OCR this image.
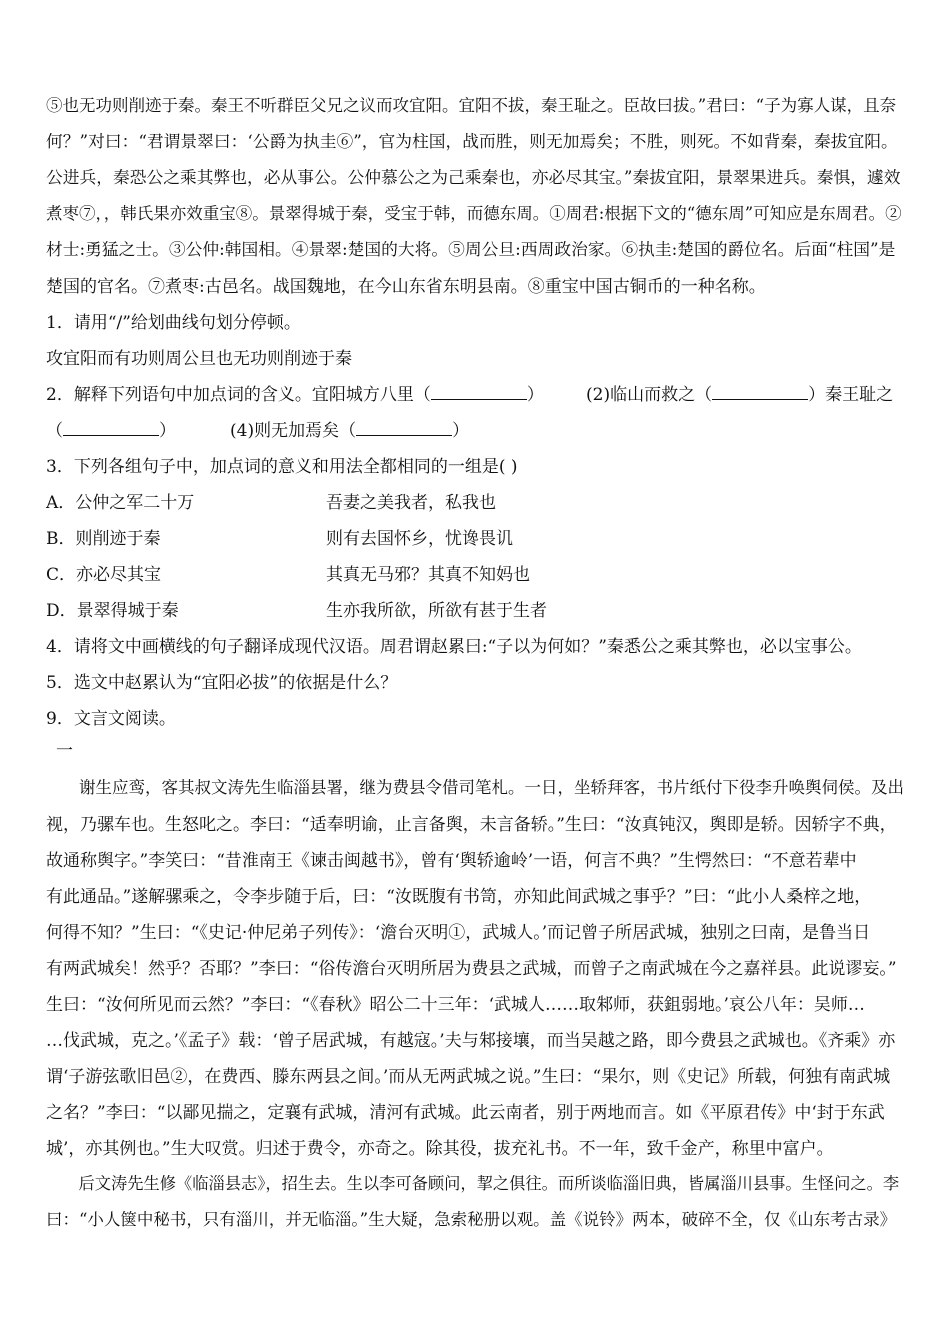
⑤也无功则削迹于秦。秦王不听群臣父兄之议而攻宜阳。宜阳不拔，秦王耻之。臣故曰拔。”君曰：“子为寡人谋，且奈
何？”对曰：“君谓景翠曰：‘公爵为执圭⑥”，官为柱国，战而胜，则无加焉矣；不胜，则死。不如背秦，秦拔宜阳。
公进兵，秦恐公之乘其弊也，必从事公。公仲慕公之为己乘秦也，亦必尽其宝。”秦拔宜阳，景翠果进兵。秦惧，遽效
煮枣⑦，，韩氏果亦效重宝⑧。景翠得城于秦，受宝于韩，而德东周。①周君:根据下文的“德东周”可知应是东周君。②
材士:勇猛之士。③公仲:韩国相。④景翠:楚国的大将。⑤周公旦:西周政治家。⑥执圭:楚国的爵位名。后面“柱国”是
楚国的官名。⑦煮枣:古邑名。战国魏地，在今山东省东明县南。⑧重宝中国古铜币的一种名称。
1．请用“/”给划曲线句划分停顿。
攻宜阳而有功则周公旦也无功则削迹于秦
2．解释下列语句中加点词的含义。宜阳城方八里（	） (2)临山而救之（	）秦王耻之
（	）	(4)则无加焉矣（	）
3．下列各组句子中，加点词的意义和用法全都相同的一组是( )
A．公仲之军二十万	吾妻之美我者，私我也
B．则削迹于秦	则有去国怀乡，忧谗畏讥
C．亦必尽其宝	其真无马邪？其真不知妈也
D．景翠得城于秦	生亦我所欲，所欲有甚于生者
4．请将文中画横线的句子翻译成现代汉语。周君谓赵累曰:“子以为何如？”秦悉公之乘其弊也，必以宝事公。
5．选文中赵累认为“宜阳必拔”的依据是什么？
9．文言文阅读。
一
　　谢生应鸾，客其叔文涛先生临淄县署，继为费县令借司笔札。一日，坐轿拜客，书片纸付下役李升唤舆伺侯。及出
视，乃骡车也。生怒叱之。李曰：“适奉明谕，止言备舆，未言备轿。”生曰：“汝真钝汉，舆即是轿。因轿字不典，
故通称舆字。”李笑曰：“昔淮南王《谏击闽越书》，曾有‘舆轿逾岭’一语，何言不典？”生愕然曰：“不意若辈中
有此通品。”遂解骡乘之，令李步随于后，曰：“汝既腹有书笥，亦知此间武城之事乎？”曰：“此小人桑梓之地，
何得不知？”生曰：“《史记·仲尼弟子列传》：‘澹台灭明①，武城人。’而记曾子所居武城，独别之曰南，是鲁当日
有两武城矣！然乎？否耶？”李曰：“俗传澹台灭明所居为费县之武城，而曾子之南武城在今之嘉祥县。此说谬妄。”
生曰：“汝何所见而云然？”李曰：“《春秋》昭公二十三年：‘武城人……取邾师，获鉏弱地。’哀公八年：吴师…
…伐武城，克之。’《孟子》载：‘曾子居武城，有越寇。’夫与邾接壤，而当吴越之路，即今费县之武城也。《齐乘》亦
谓‘子游弦歌旧邑②，在费西、滕东两县之间。’而从无两武城之说。”生曰：“果尔，则《史记》所载，何独有南武城
之名？”李曰：“以鄙见揣之，定襄有武城，清河有武城。此云南者，别于两地而言。如《平原君传》中‘封于东武
城’，亦其例也。”生大叹赏。归述于费令，亦奇之。除其役，拔充礼书。不一年，致千金产，称里中富户。
　　后文涛先生修《临淄县志》，招生去。生以李可备顾问，挈之俱往。而所谈临淄旧典，皆属淄川县事。生怪问之。李
曰：“小人箧中秘书，只有淄川，并无临淄。”生大疑，急索秘册以观。盖《说铃》两本，破碎不全，仅《山东考古录》
